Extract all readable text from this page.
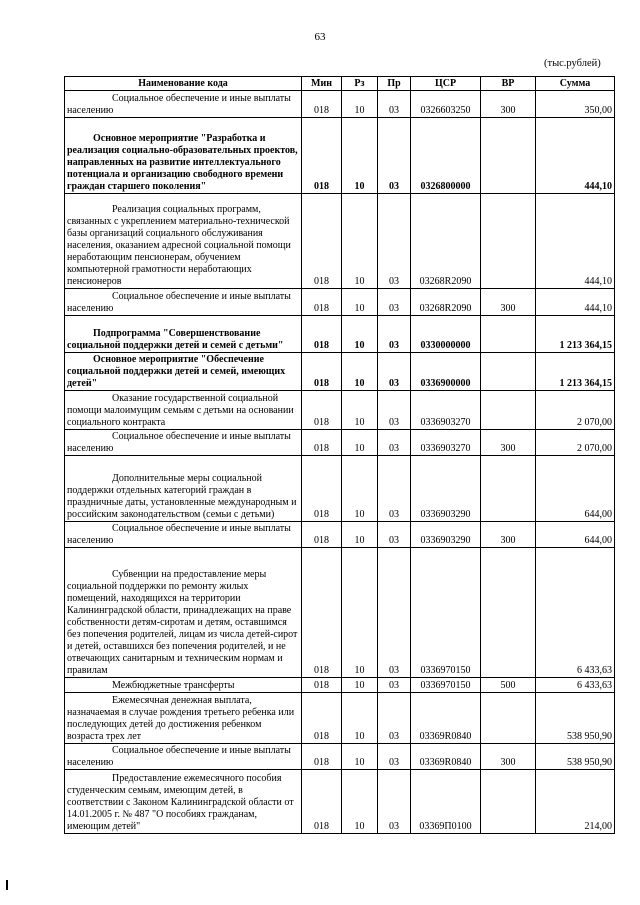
63
(тыс.рублей)
Наименование кода	Мин	Рз	Пр	ЦСР	ВР	Сумма
Социальное обеспечение и иные выплаты населению	018	10	03	0326603250	300	350,00
Основное мероприятие "Разработка и реализация социально-образовательных проектов, направленных на развитие интеллектуального потенциала и организацию свободного времени граждан старшего поколения"	018	10	03	0326800000		444,10
Реализация социальных программ, связанных с укреплением материально-технической базы организаций социального обслуживания населения, оказанием адресной социальной помощи неработающим пенсионерам, обучением компьютерной грамотности неработающих пенсионеров	018	10	03	03268R2090		444,10
Социальное обеспечение и иные выплаты населению	018	10	03	03268R2090	300	444,10
Подпрограмма "Совершенствование социальной поддержки детей и семей с детьми"	018	10	03	0330000000		1 213 364,15
Основное мероприятие "Обеспечение социальной поддержки детей и семей, имеющих детей"	018	10	03	0336900000		1 213 364,15
Оказание государственной социальной помощи малоимущим семьям с детьми на основании социального контракта	018	10	03	0336903270		2 070,00
Социальное обеспечение и иные выплаты населению	018	10	03	0336903270	300	2 070,00
Дополнительные меры социальной поддержки отдельных категорий граждан в праздничные даты, установленные международным и российским законодательством (семьи с детьми)	018	10	03	0336903290		644,00
Социальное обеспечение и иные выплаты населению	018	10	03	0336903290	300	644,00
Субвенции на предоставление меры социальной поддержки по ремонту жилых помещений, находящихся на территории Калининградской области, принадлежащих на праве собственности детям-сиротам и детям, оставшимся без попечения родителей, лицам из числа детей-сирот и детей, оставшихся без попечения родителей, и не отвечающих санитарным и техническим нормам и правилам	018	10	03	0336970150		6 433,63
Межбюджетные трансферты	018	10	03	0336970150	500	6 433,63
Ежемесячная денежная выплата, назначаемая в случае рождения третьего ребенка или последующих детей до достижения ребенком возраста трех лет	018	10	03	03369R0840		538 950,90
Социальное обеспечение и иные выплаты населению	018	10	03	03369R0840	300	538 950,90
Предоставление ежемесячного пособия студенческим семьям, имеющим детей, в соответствии с Законом Калининградской области от 14.01.2005 г. № 487 "О пособиях гражданам, имеющим детей"	018	10	03	03369П0100		214,00
